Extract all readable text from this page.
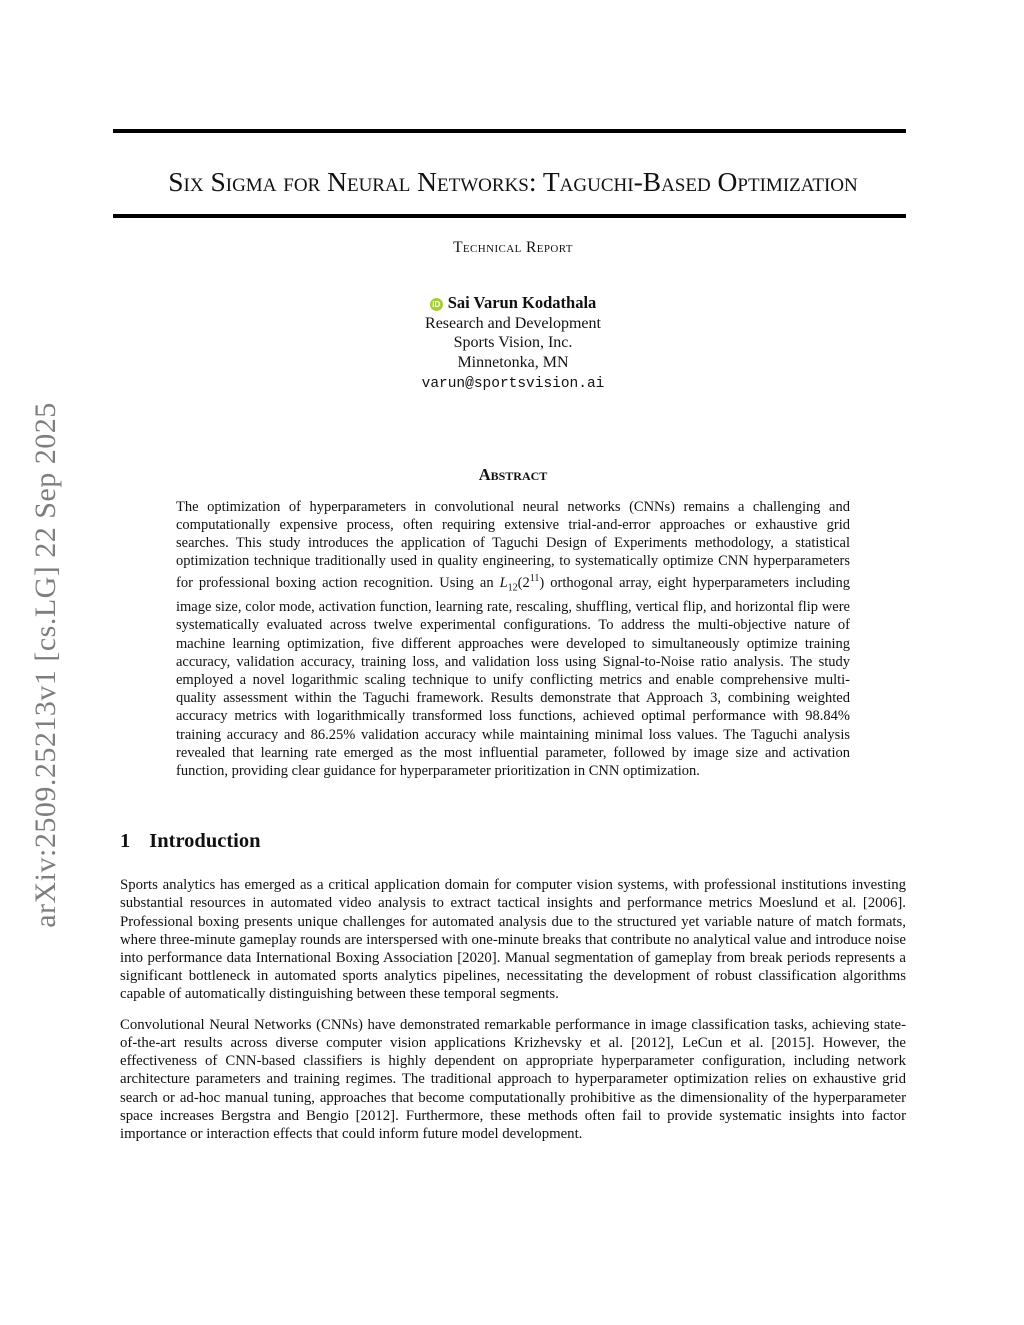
arXiv:2509.25213v1 [cs.LG] 22 Sep 2025
Six Sigma for Neural Networks: Taguchi-Based Optimization
Technical Report
iD Sai Varun Kodathala
Research and Development
Sports Vision, Inc.
Minnetonka, MN
varun@sportsvision.ai
Abstract

The optimization of hyperparameters in convolutional neural networks (CNNs) remains a challenging and computationally expensive process, often requiring extensive trial-and-error approaches or exhaustive grid searches. This study introduces the application of Taguchi Design of Experiments methodology, a statistical optimization technique traditionally used in quality engineering, to systematically optimize CNN hyperparameters for professional boxing action recognition. Using an $L_{12}(2^{11})$ orthogonal array, eight hyperparameters including image size, color mode, activation function, learning rate, rescaling, shuffling, vertical flip, and horizontal flip were systematically evaluated across twelve experimental configurations. To address the multi-objective nature of machine learning optimization, five different approaches were developed to simultaneously optimize training accuracy, validation accuracy, training loss, and validation loss using Signal-to-Noise ratio analysis. The study employed a novel logarithmic scaling technique to unify conflicting metrics and enable comprehensive multi-quality assessment within the Taguchi framework. Results demonstrate that Approach 3, combining weighted accuracy metrics with logarithmically transformed loss functions, achieved optimal performance with 98.84% training accuracy and 86.25% validation accuracy while maintaining minimal loss values. The Taguchi analysis revealed that learning rate emerged as the most influential parameter, followed by image size and activation function, providing clear guidance for hyperparameter prioritization in CNN optimization.

1 Introduction

Sports analytics has emerged as a critical application domain for computer vision systems, with professional institutions investing substantial resources in automated video analysis to extract tactical insights and performance metrics Moeslund et al. [2006]. Professional boxing presents unique challenges for automated analysis due to the structured yet variable nature of match formats, where three-minute gameplay rounds are interspersed with one-minute breaks that contribute no analytical value and introduce noise into performance data International Boxing Association [2020]. Manual segmentation of gameplay from break periods represents a significant bottleneck in automated sports analytics pipelines, necessitating the development of robust classification algorithms capable of automatically distinguishing between these temporal segments.

Convolutional Neural Networks (CNNs) have demonstrated remarkable performance in image classification tasks, achieving state-of-the-art results across diverse computer vision applications Krizhevsky et al. [2012], LeCun et al. [2015]. However, the effectiveness of CNN-based classifiers is highly dependent on appropriate hyperparameter configuration, including network architecture parameters and training regimes. The traditional approach to hyperparameter optimization relies on exhaustive grid search or ad-hoc manual tuning, approaches that become computationally prohibitive as the dimensionality of the hyperparameter space increases Bergstra and Bengio [2012]. Furthermore, these methods often fail to provide systematic insights into factor importance or interaction effects that could inform future model development.
